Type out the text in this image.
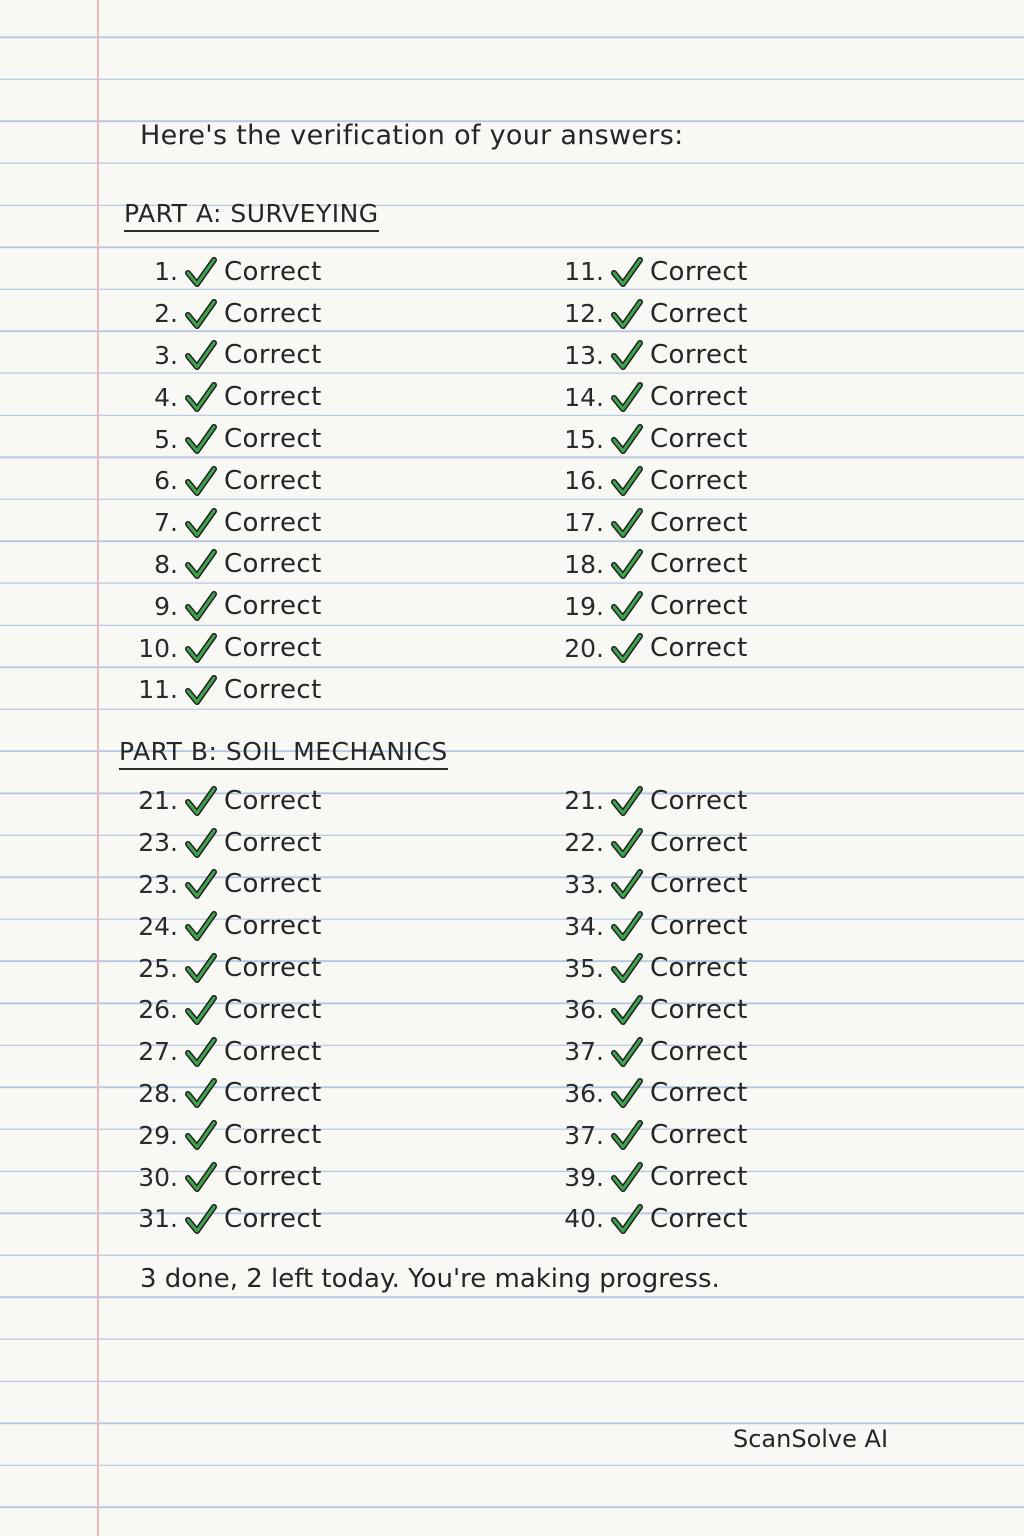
Here's the verification of your answers:
PART A: SURVEYING
1. Correct
2. Correct
3. Correct
4. Correct
5. Correct
6. Correct
7. Correct
8. Correct
9. Correct
10. Correct
11. Correct
11. Correct
12. Correct
13. Correct
14. Correct
15. Correct
16. Correct
17. Correct
18. Correct
19. Correct
20. Correct
PART B: SOIL MECHANICS
21. Correct
23. Correct
23. Correct
24. Correct
25. Correct
26. Correct
27. Correct
28. Correct
29. Correct
30. Correct
31. Correct
21. Correct
22. Correct
33. Correct
34. Correct
35. Correct
36. Correct
37. Correct
36. Correct
37. Correct
39. Correct
40. Correct
3 done, 2 left today. You're making progress.
ScanSolve AI
